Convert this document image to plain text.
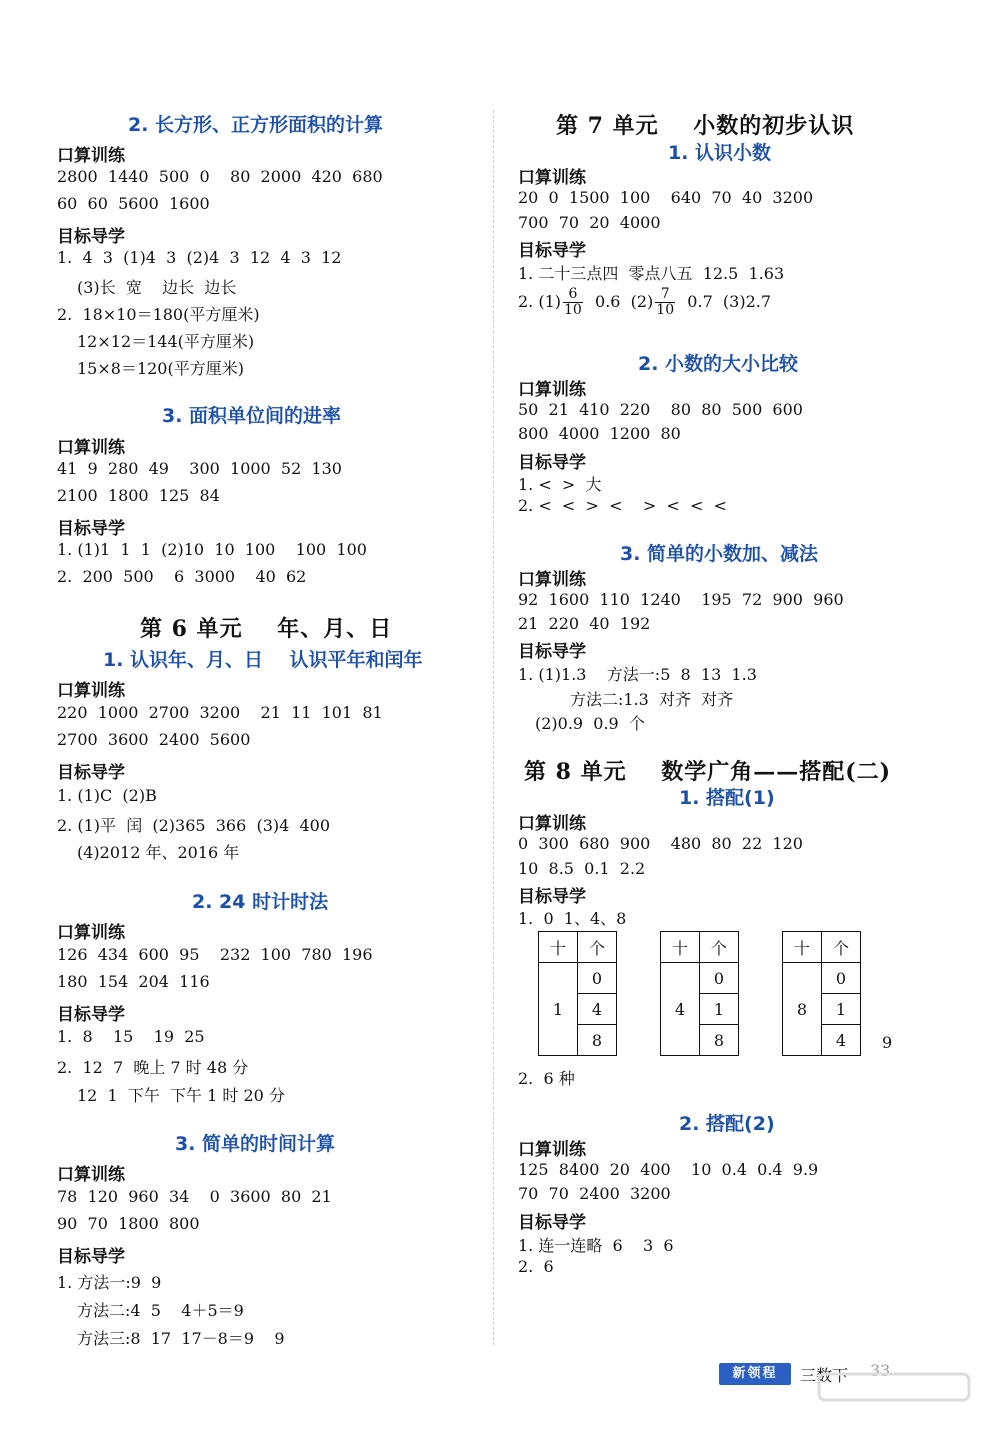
2. 长方形、正方形面积的计算
口算训练
2800  1440  500  0    80  2000  420  680
60  60  5600  1600
目标导学
1.  4  3  (1)4  3  (2)4  3  12  4  3  12
(3)长  宽    边长  边长
2.  18×10＝180(平方厘米)
12×12＝144(平方厘米)
15×8＝120(平方厘米)
3. 面积单位间的进率
口算训练
41  9  280  49    300  1000  52  130
2100  1800  125  84
目标导学
1. (1)1  1  1  (2)10  10  100    100  100
2.  200  500    6  3000    40  62
第 6 单元    年、月、日
1. 认识年、月、日    认识平年和闰年
口算训练
220  1000  2700  3200    21  11  101  81
2700  3600  2400  5600
目标导学
1. (1)C  (2)B
2. (1)平  闰  (2)365  366  (3)4  400
(4)2012 年、2016 年
2. 24 时计时法
口算训练
126  434  600  95    232  100  780  196
180  154  204  116
目标导学
1.  8    15    19  25
2.  12  7  晚上 7 时 48 分
12  1  下午  下午 1 时 20 分
3. 简单的时间计算
口算训练
78  120  960  34    0  3600  80  21
90  70  1800  800
目标导学
1. 方法一:9  9
方法二:4  5    4＋5＝9
方法三:8  17  17－8＝9    9
第 7 单元    小数的初步认识
1. 认识小数
口算训练
20  0  1500  100    640  70  40  3200
700  70  20  4000
目标导学
1. 二十三点四  零点八五  12.5  1.63
2. $(1) \frac{6}{10} 0.6$  $(2) \frac{7}{10} 0.7$  (3)2.7
2. 小数的大小比较
口算训练
50  21  410  220    80  80  500  600
800  4000  1200  80
目标导学
1. <  >  大
2. <  <  >  <    >  <  <  <
3. 简单的小数加、减法
口算训练
92  1600  110  1240    195  72  900  960
21  220  40  192
目标导学
1. (1)1.3    方法一:5  8  13  1.3
方法二:1.3  对齐  对齐
(2)0.9  0.9  个
第 8 单元    数学广角——搭配(二)
1. 搭配(1)
口算训练
0  300  680  900    480  80  22  120
10  8.5  0.1  2.2
目标导学
1.  0  1、4、8
十	个
1	0
	4
	8
十	个
4	0
	1
	8
十	个
8	0
	1
	4 9
2.  6 种
2. 搭配(2)
口算训练
125  8400  20  400    10  0.4  0.4  9.9
70  70  2400  3200
目标导学
1. 连一连略  6    3  6
2.  6
新领程	三数下 33
